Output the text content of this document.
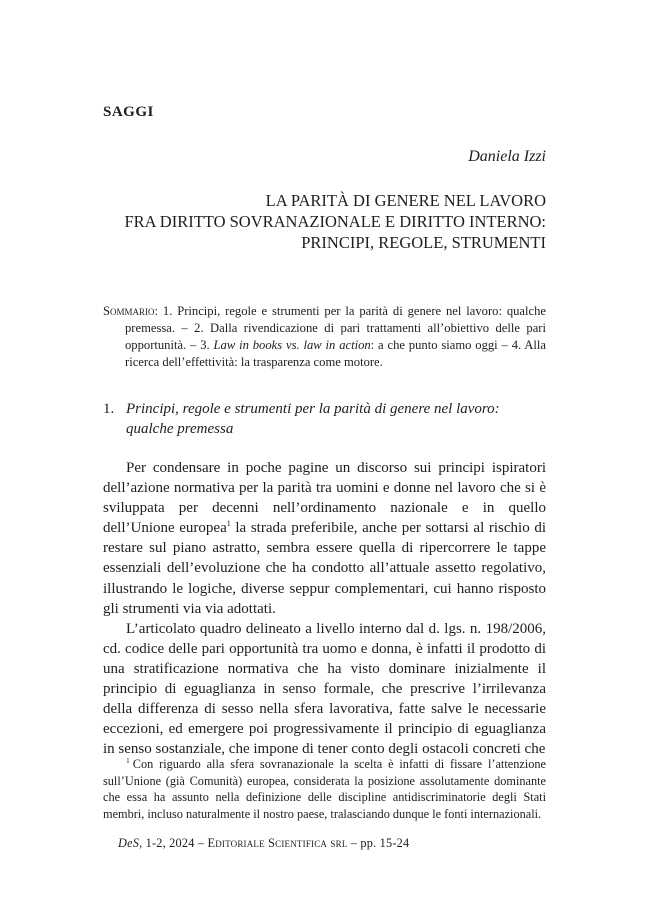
SAGGI
Daniela Izzi
LA PARITÀ DI GENERE NEL LAVORO
FRA DIRITTO SOVRANAZIONALE E DIRITTO INTERNO:
PRINCIPI, REGOLE, STRUMENTI
Sommario: 1. Principi, regole e strumenti per la parità di genere nel lavoro: qualche premessa. – 2. Dalla rivendicazione di pari trattamenti all’obiettivo delle pari opportunità. – 3. Law in books vs. law in action: a che punto siamo oggi – 4. Alla ricerca dell’effettività: la trasparenza come motore.
1. Principi, regole e strumenti per la parità di genere nel lavoro: qualche premessa

Per condensare in poche pagine un discorso sui principi ispiratori dell’azione normativa per la parità tra uomini e donne nel lavoro che si è sviluppata per decenni nell’ordinamento nazionale e in quello dell’Unione europea$^1$ la strada preferibile, anche per sottarsi al rischio di restare sul piano astratto, sembra essere quella di ripercorrere le tappe essenziali dell’evoluzione che ha condotto all’attuale assetto regolativo, illustrando le logiche, diverse seppur complementari, cui hanno risposto gli strumenti via via adottati.

L’articolato quadro delineato a livello interno dal d. lgs. n. 198/2006, cd. codice delle pari opportunità tra uomo e donna, è infatti il prodotto di una stratificazione normativa che ha visto dominare inizialmente il principio di eguaglianza in senso formale, che prescrive l’irrilevanza della differenza di sesso nella sfera lavorativa, fatte salve le necessarie eccezioni, ed emergere poi progressivamente il principio di eguaglianza in senso sostanziale, che impone di tener conto degli ostacoli concreti che

$^1$ Con riguardo alla sfera sovranazionale la scelta è infatti di fissare l’attenzione sull’Unione (già Comunità) europea, considerata la posizione assolutamente dominante che essa ha assunto nella definizione delle discipline antidiscriminatorie degli Stati membri, incluso naturalmente il nostro paese, tralasciando dunque le fonti internazionali.

DeS, 1-2, 2024 – Editoriale Scientifica srl – pp. 15-24
